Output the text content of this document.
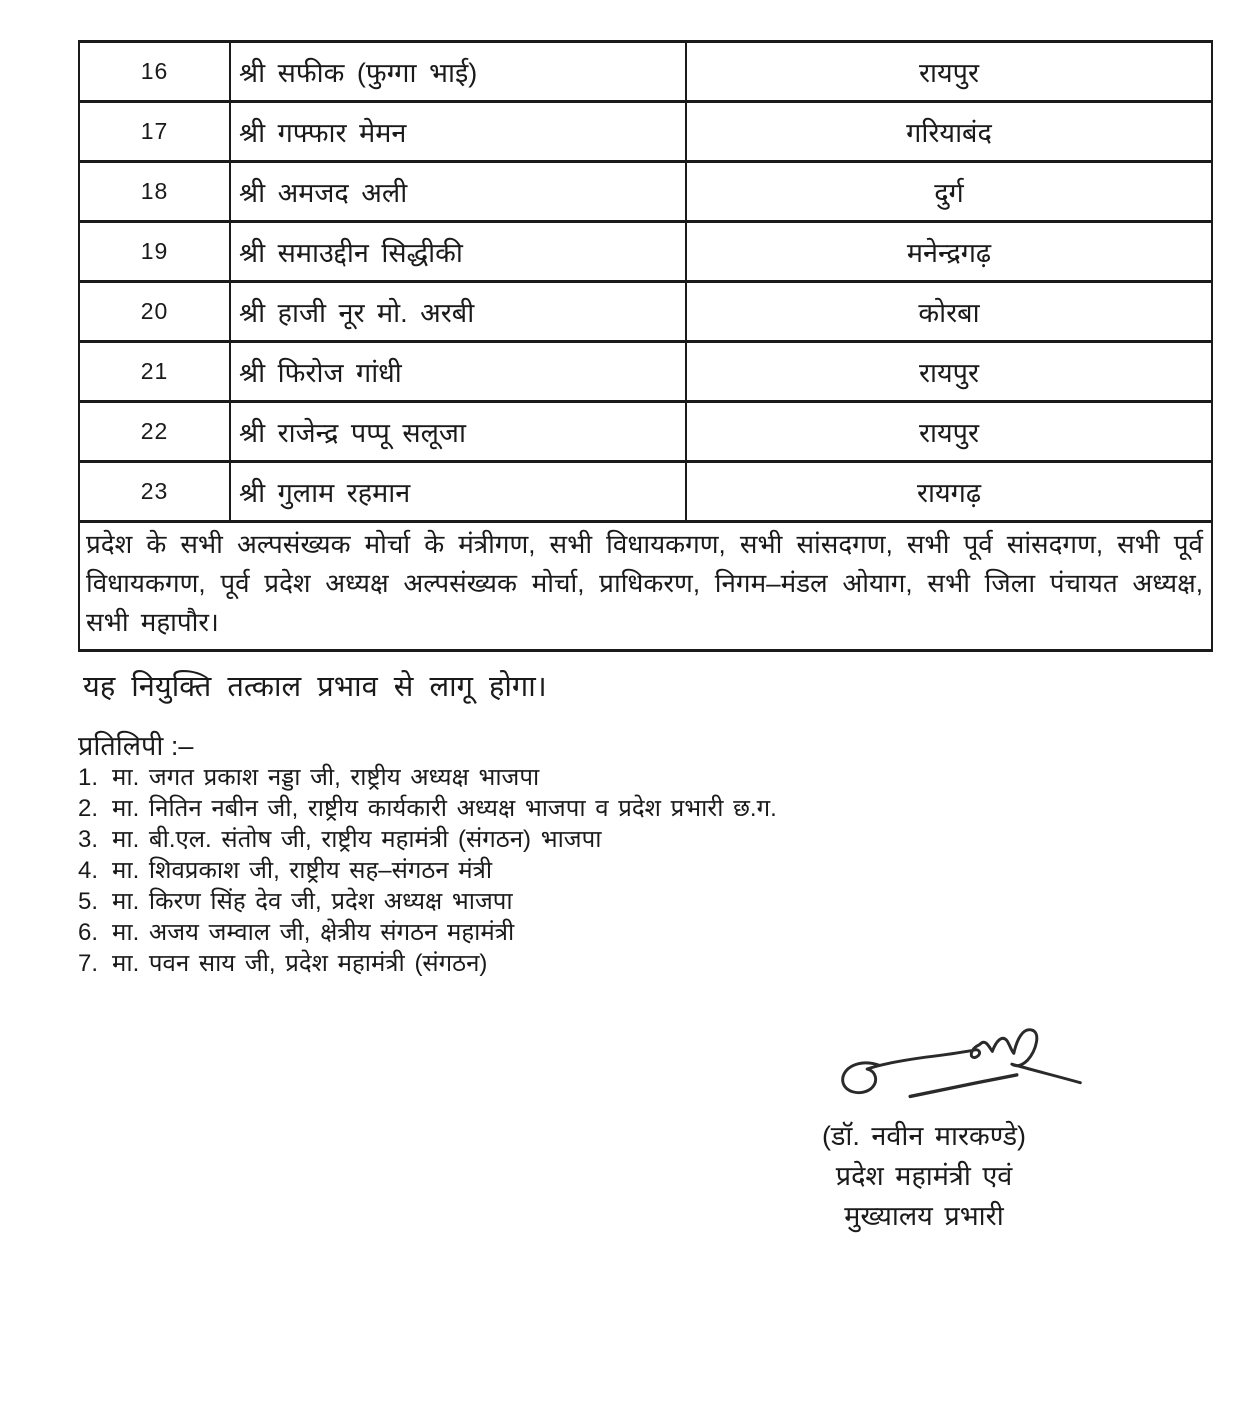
16	श्री सफीक (फुग्गा भाई)	रायपुर
17	श्री गफ्फार मेमन	गरियाबंद
18	श्री अमजद अली	दुर्ग
19	श्री समाउद्दीन सिद्धीकी	मनेन्द्रगढ़
20	श्री हाजी नूर मो. अरबी	कोरबा
21	श्री फिरोज गांधी	रायपुर
22	श्री राजेन्द्र पप्पू सलूजा	रायपुर
23	श्री गुलाम रहमान	रायगढ़
प्रदेश के सभी अल्पसंख्यक मोर्चा के मंत्रीगण, सभी विधायकगण, सभी सांसदगण, सभी पूर्व सांसदगण, सभी पूर्व विधायकगण, पूर्व प्रदेश अध्यक्ष अल्पसंख्यक मोर्चा, प्राधिकरण, निगम–मंडल ओयाग, सभी जिला पंचायत अध्यक्ष, सभी महापौर।		
यह नियुक्ति तत्काल प्रभाव से लागू होगा।
प्रतिलिपी :–
1. मा. जगत प्रकाश नड्डा जी, राष्ट्रीय अध्यक्ष भाजपा
2. मा. नितिन नबीन जी, राष्ट्रीय कार्यकारी अध्यक्ष भाजपा व प्रदेश प्रभारी छ.ग.
3. मा. बी.एल. संतोष जी, राष्ट्रीय महामंत्री (संगठन) भाजपा
4. मा. शिवप्रकाश जी, राष्ट्रीय सह–संगठन मंत्री
5. मा. किरण सिंह देव जी, प्रदेश अध्यक्ष भाजपा
6. मा. अजय जम्वाल जी, क्षेत्रीय संगठन महामंत्री
7. मा. पवन साय जी, प्रदेश महामंत्री (संगठन)
(डॉ. नवीन मारकण्डे)
प्रदेश महामंत्री एवं
मुख्यालय प्रभारी
